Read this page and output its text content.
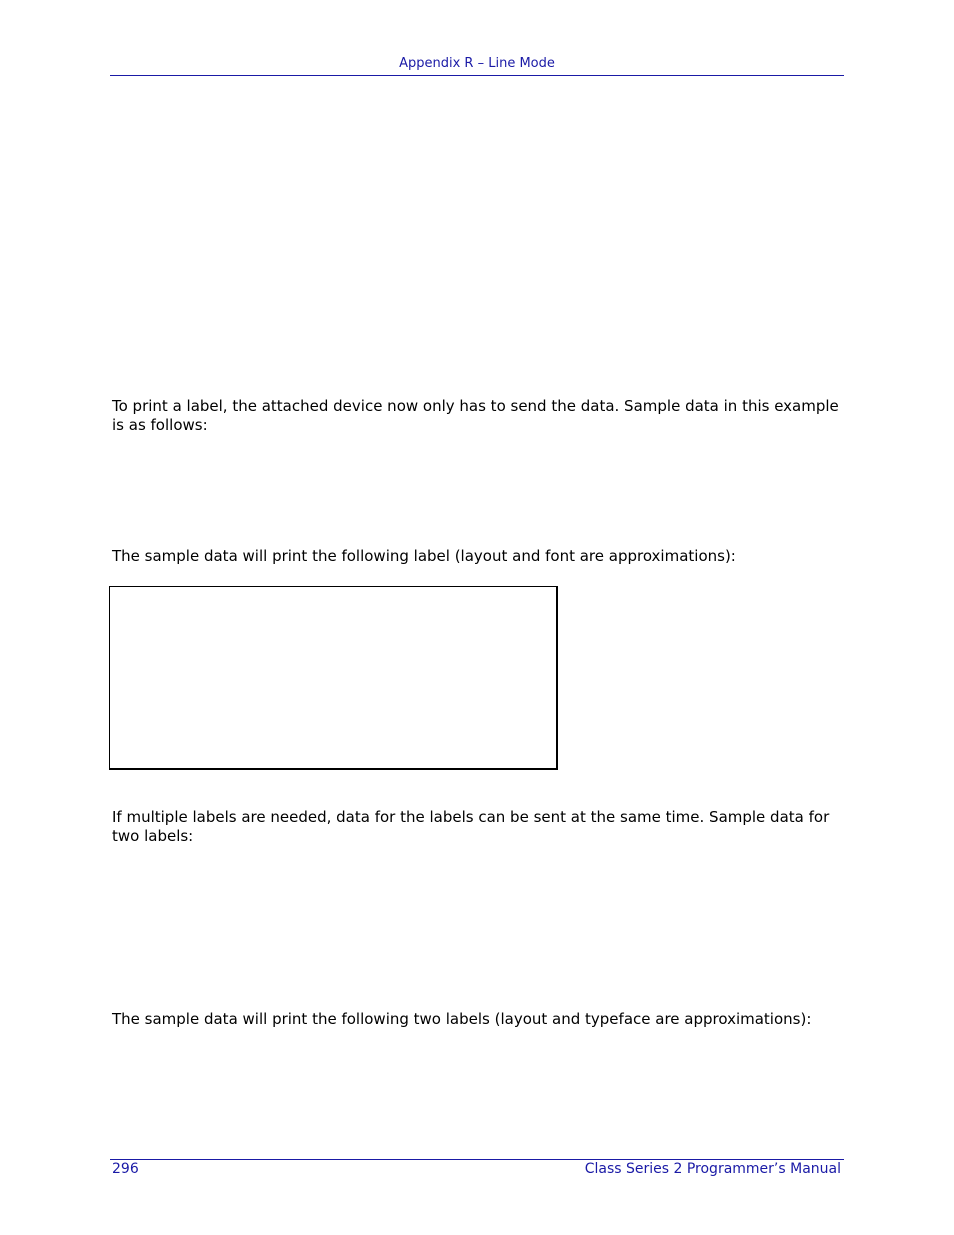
Appendix R – Line Mode

To print a label, the attached device now only has to send the data. Sample data in this example is as follows:

The sample data will print the following label (layout and font are approximations):

If multiple labels are needed, data for the labels can be sent at the same time. Sample data for two labels:

The sample data will print the following two labels (layout and typeface are approximations):

296	Class Series 2 Programmer’s Manual
